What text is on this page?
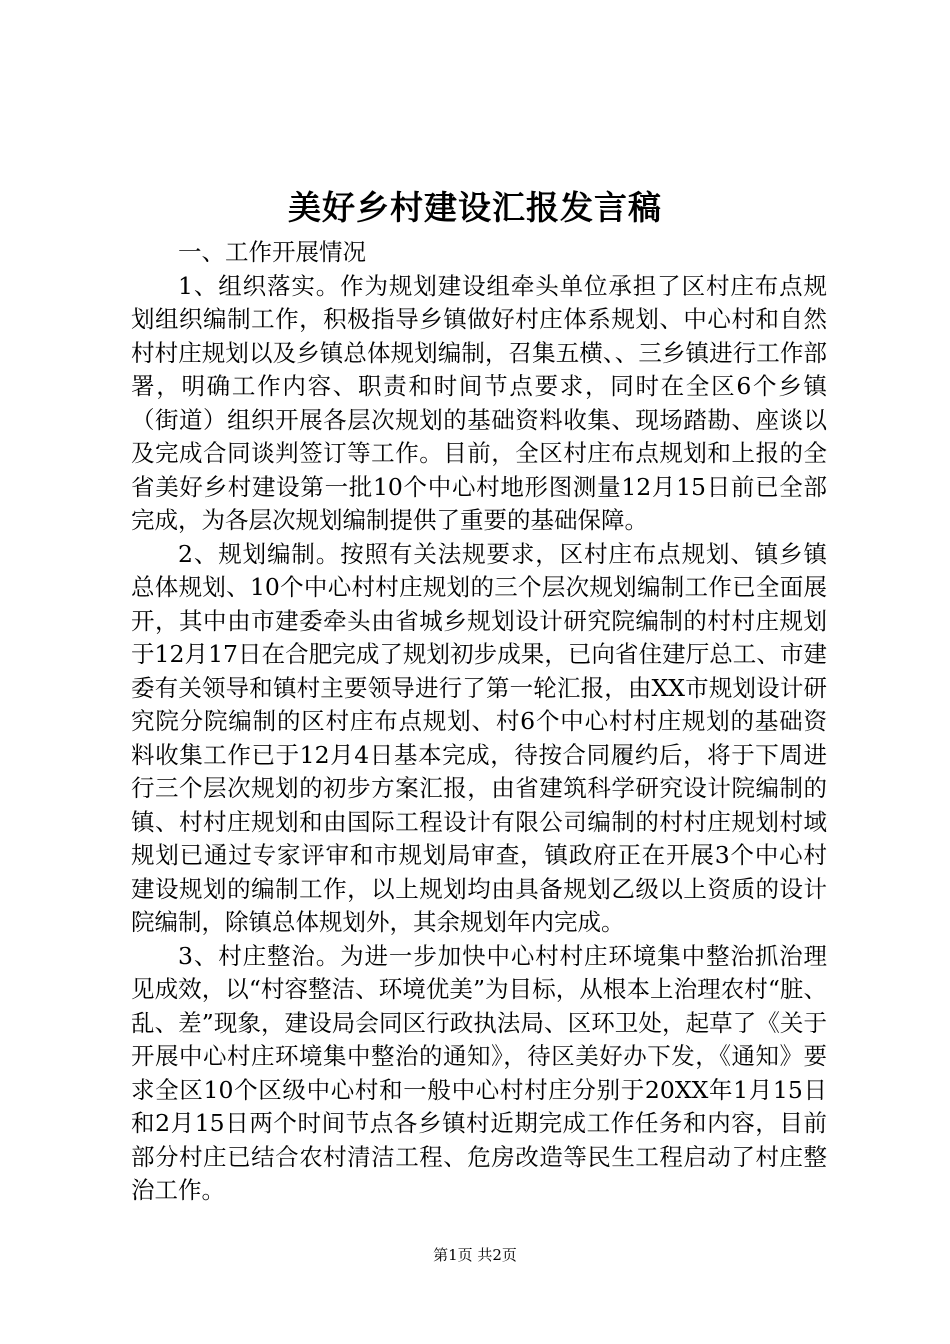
美好乡村建设汇报发言稿

一、工作开展情况

1、组织落实。作为规划建设组牵头单位承担了区村庄布点规划组织编制工作，积极指导乡镇做好村庄体系规划、中心村和自然村村庄规划以及乡镇总体规划编制，召集五横、、三乡镇进行工作部署，明确工作内容、职责和时间节点要求，同时在全区6个乡镇（街道）组织开展各层次规划的基础资料收集、现场踏勘、座谈以及完成合同谈判签订等工作。目前，全区村庄布点规划和上报的全省美好乡村建设第一批10个中心村地形图测量12月15日前已全部完成，为各层次规划编制提供了重要的基础保障。

2、规划编制。按照有关法规要求，区村庄布点规划、镇乡镇总体规划、10个中心村村庄规划的三个层次规划编制工作已全面展开，其中由市建委牵头由省城乡规划设计研究院编制的村村庄规划于12月17日在合肥完成了规划初步成果，已向省住建厅总工、市建委有关领导和镇村主要领导进行了第一轮汇报，由XX市规划设计研究院分院编制的区村庄布点规划、村6个中心村村庄规划的基础资料收集工作已于12月4日基本完成，待按合同履约后，将于下周进行三个层次规划的初步方案汇报，由省建筑科学研究设计院编制的镇、村村庄规划和由国际工程设计有限公司编制的村村庄规划村域规划已通过专家评审和市规划局审查，镇政府正在开展3个中心村建设规划的编制工作，以上规划均由具备规划乙级以上资质的设计院编制，除镇总体规划外，其余规划年内完成。

3、村庄整治。为进一步加快中心村村庄环境集中整治抓治理见成效，以“村容整洁、环境优美”为目标，从根本上治理农村“脏、乱、差”现象，建设局会同区行政执法局、区环卫处，起草了《关于开展中心村庄环境集中整治的通知》，待区美好办下发，《通知》要求全区10个区级中心村和一般中心村村庄分别于20XX年1月15日和2月15日两个时间节点各乡镇村近期完成工作任务和内容，目前部分村庄已结合农村清洁工程、危房改造等民生工程启动了村庄整治工作。

第1页 共2页
